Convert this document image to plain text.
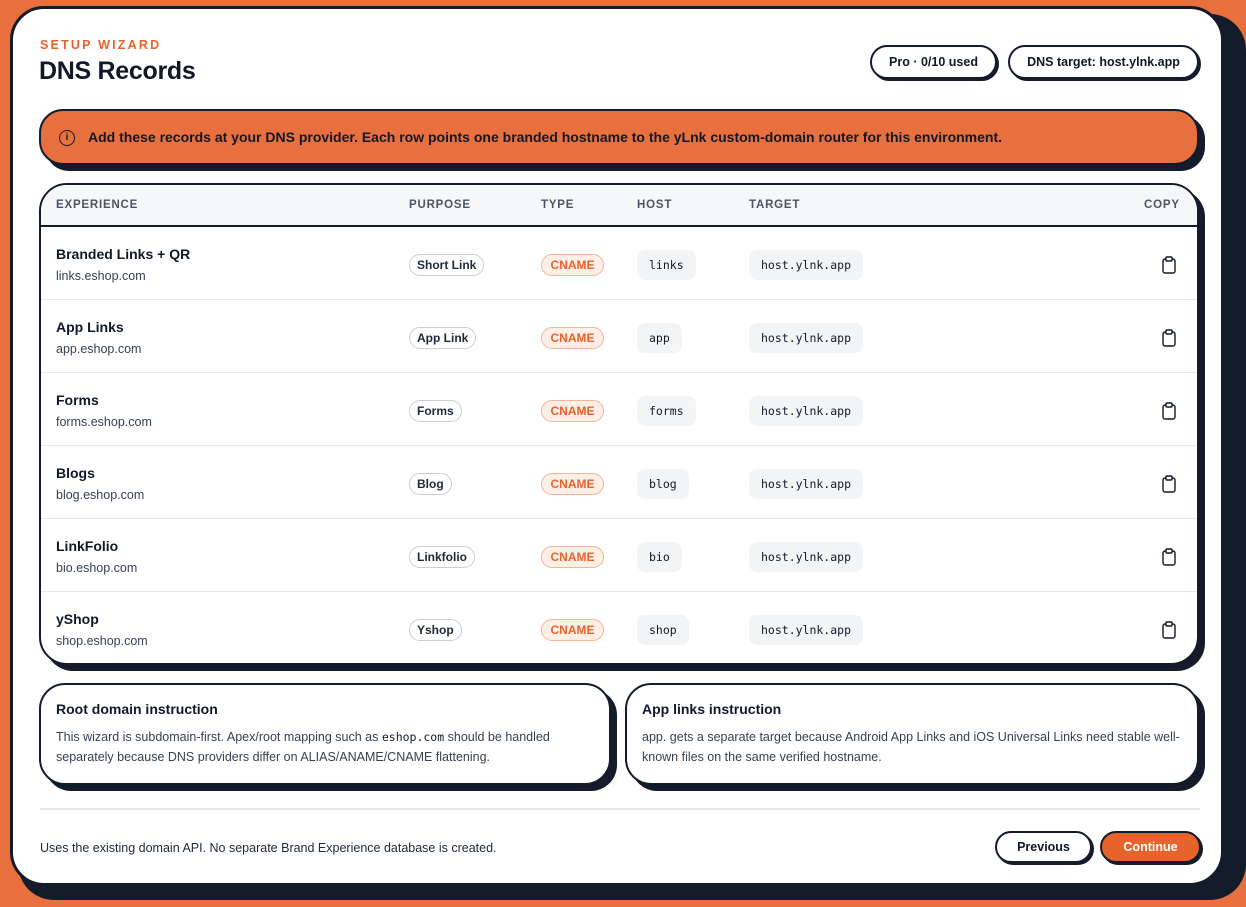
SETUP WIZARD
DNS Records	Pro · 0/10 used	DNS target: host.ylnk.app
i	Add these records at your DNS provider. Each row points one branded hostname to the yLnk custom-domain router for this environment.
EXPERIENCE	PURPOSE	TYPE	HOST	TARGET	COPY
Branded Links + QR
links.eshop.com
Short Link	CNAME	links	host.ylnk.app
App Links
app.eshop.com
App Link	CNAME	app	host.ylnk.app
Forms
forms.eshop.com
Forms	CNAME	forms	host.ylnk.app
Blogs
blog.eshop.com
Blog	CNAME	blog	host.ylnk.app
LinkFolio
bio.eshop.com
Linkfolio	CNAME	bio	host.ylnk.app
yShop
shop.eshop.com
Yshop	CNAME	shop	host.ylnk.app
Root domain instruction
This wizard is subdomain-first. Apex/root mapping such as eshop.com should be handled separately because DNS providers differ on ALIAS/ANAME/CNAME flattening.
App links instruction
app. gets a separate target because Android App Links and iOS Universal Links need stable well-known files on the same verified hostname.
Uses the existing domain API. No separate Brand Experience database is created.	Previous	Continue
